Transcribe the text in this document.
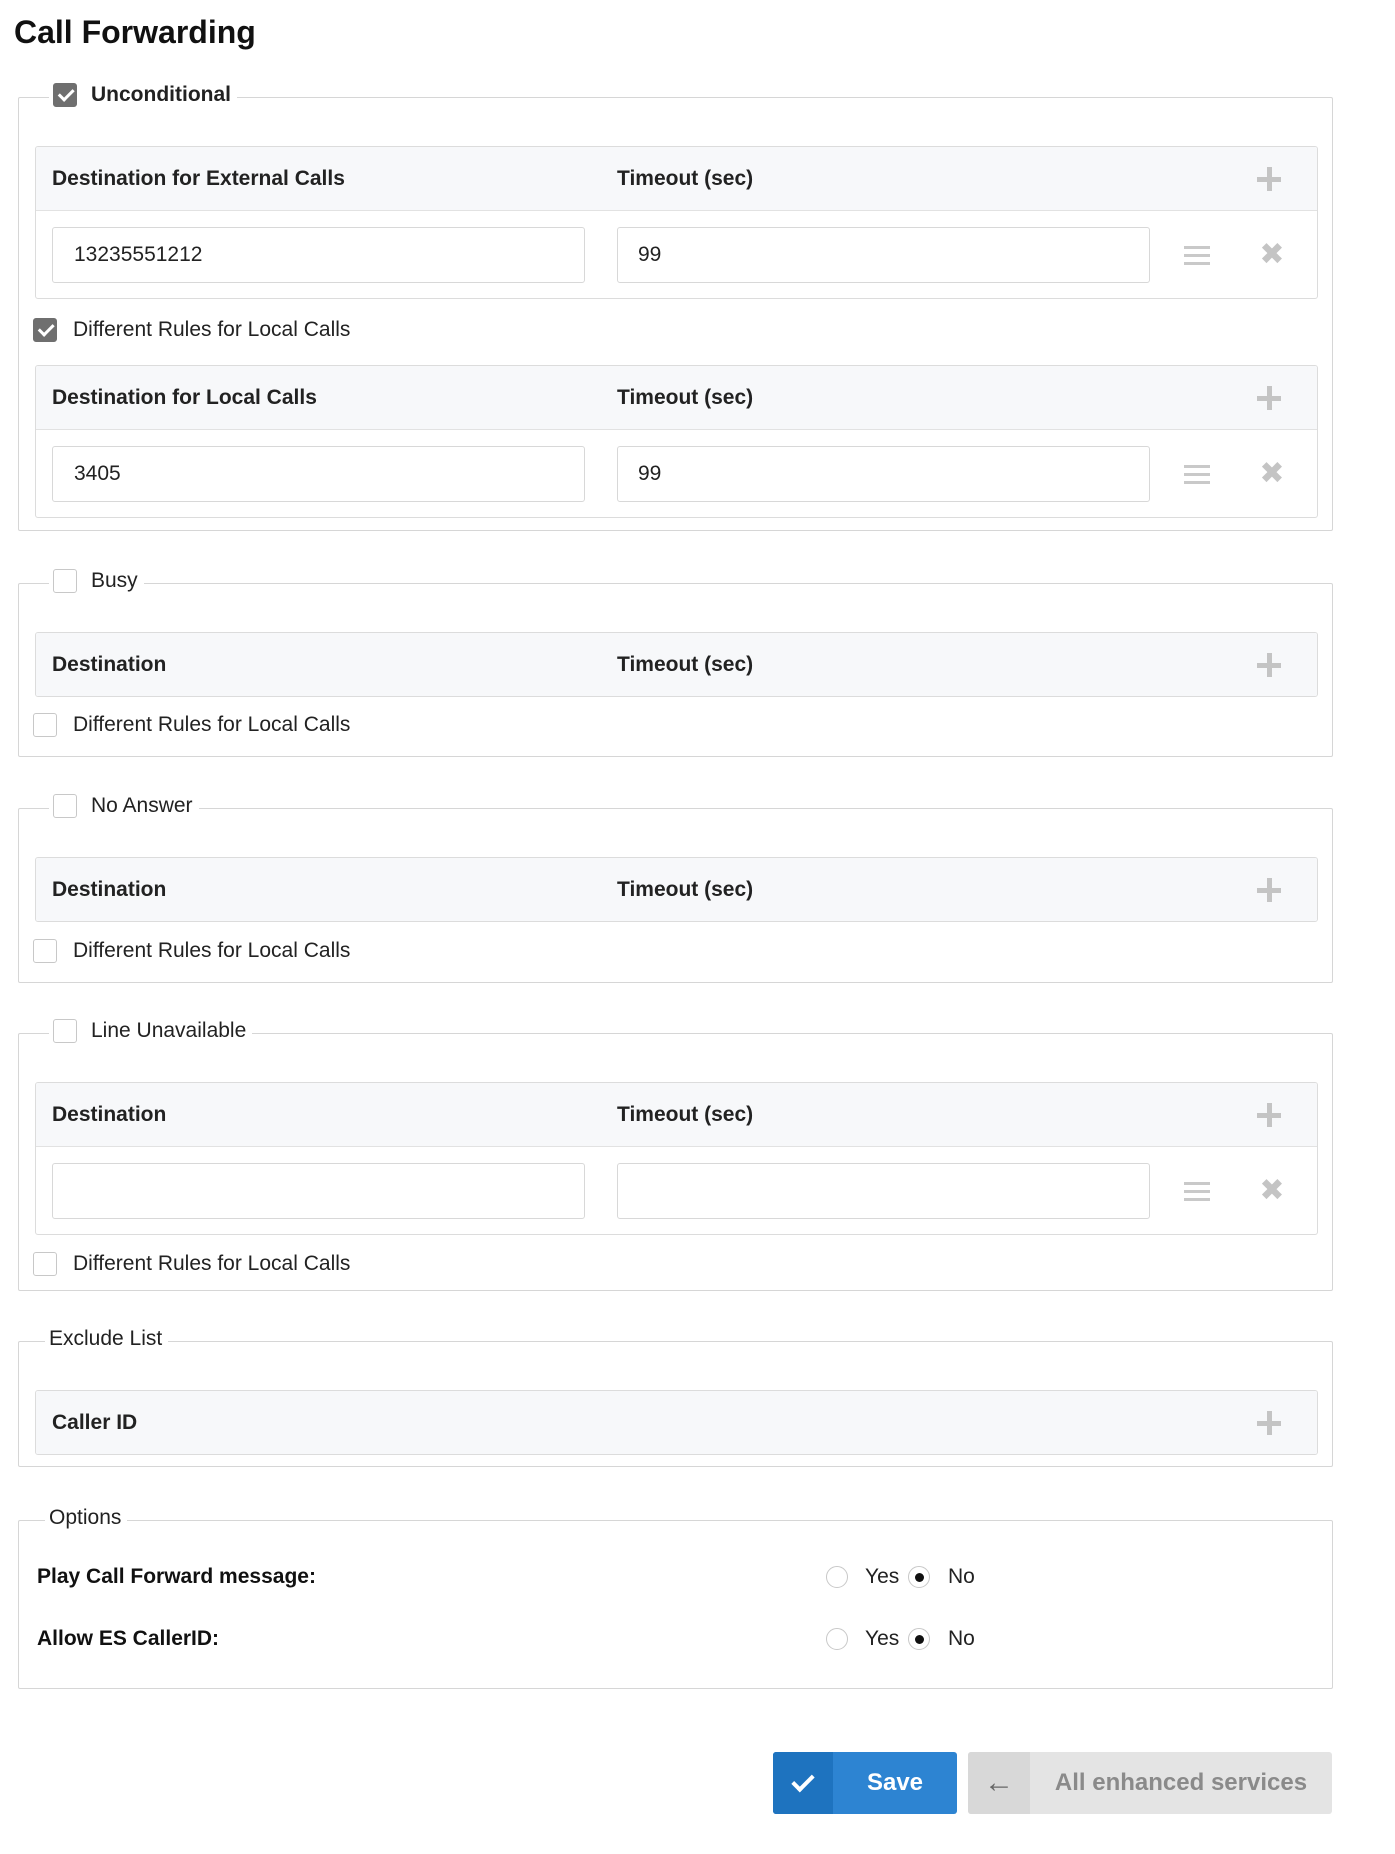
Call Forwarding
Unconditional
Destination for External Calls	Timeout (sec)
13235551212	99	✖
Different Rules for Local Calls
Destination for Local Calls	Timeout (sec)
3405	99	✖
Busy
Destination	Timeout (sec)
Different Rules for Local Calls
No Answer
Destination	Timeout (sec)
Different Rules for Local Calls
Line Unavailable
Destination	Timeout (sec)
✖
Different Rules for Local Calls
Exclude List
Caller ID
Options
Play Call Forward message:	Yes No
Allow ES CallerID:	Yes No
Save	←	All enhanced services
